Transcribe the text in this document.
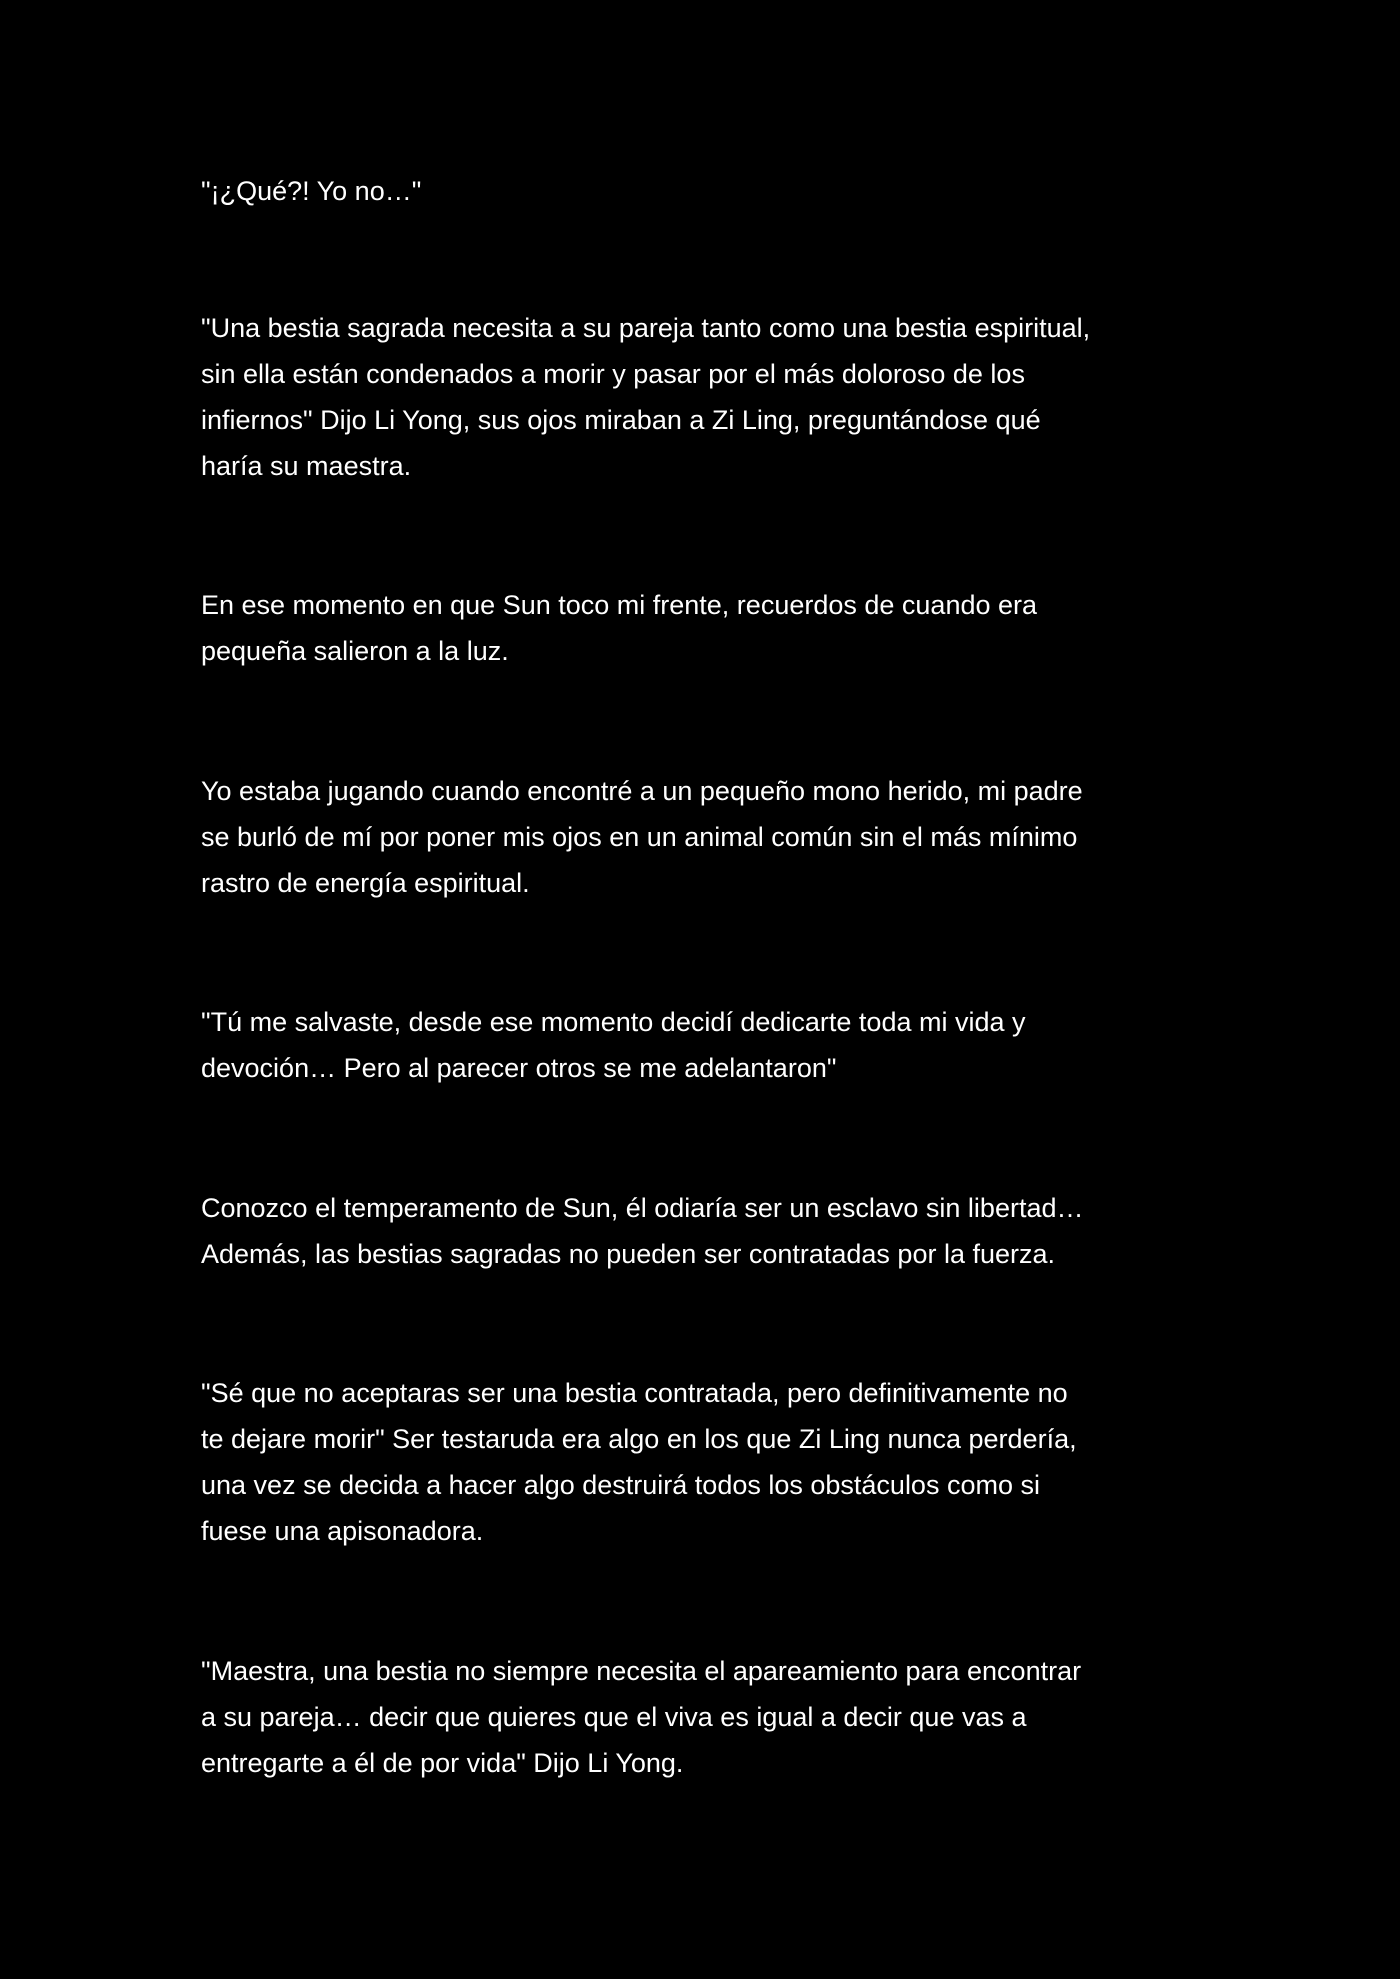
"¡¿Qué?! Yo no…"

"Una bestia sagrada necesita a su pareja tanto como una bestia espiritual,
sin ella están condenados a morir y pasar por el más doloroso de los
infiernos" Dijo Li Yong, sus ojos miraban a Zi Ling, preguntándose qué
haría su maestra.

En ese momento en que Sun toco mi frente, recuerdos de cuando era
pequeña salieron a la luz.

Yo estaba jugando cuando encontré a un pequeño mono herido, mi padre
se burló de mí por poner mis ojos en un animal común sin el más mínimo
rastro de energía espiritual.

"Tú me salvaste, desde ese momento decidí dedicarte toda mi vida y
devoción… Pero al parecer otros se me adelantaron"

Conozco el temperamento de Sun, él odiaría ser un esclavo sin libertad…
Además, las bestias sagradas no pueden ser contratadas por la fuerza.

"Sé que no aceptaras ser una bestia contratada, pero definitivamente no
te dejare morir" Ser testaruda era algo en los que Zi Ling nunca perdería,
una vez se decida a hacer algo destruirá todos los obstáculos como si
fuese una apisonadora.

"Maestra, una bestia no siempre necesita el apareamiento para encontrar
a su pareja… decir que quieres que el viva es igual a decir que vas a
entregarte a él de por vida" Dijo Li Yong.
